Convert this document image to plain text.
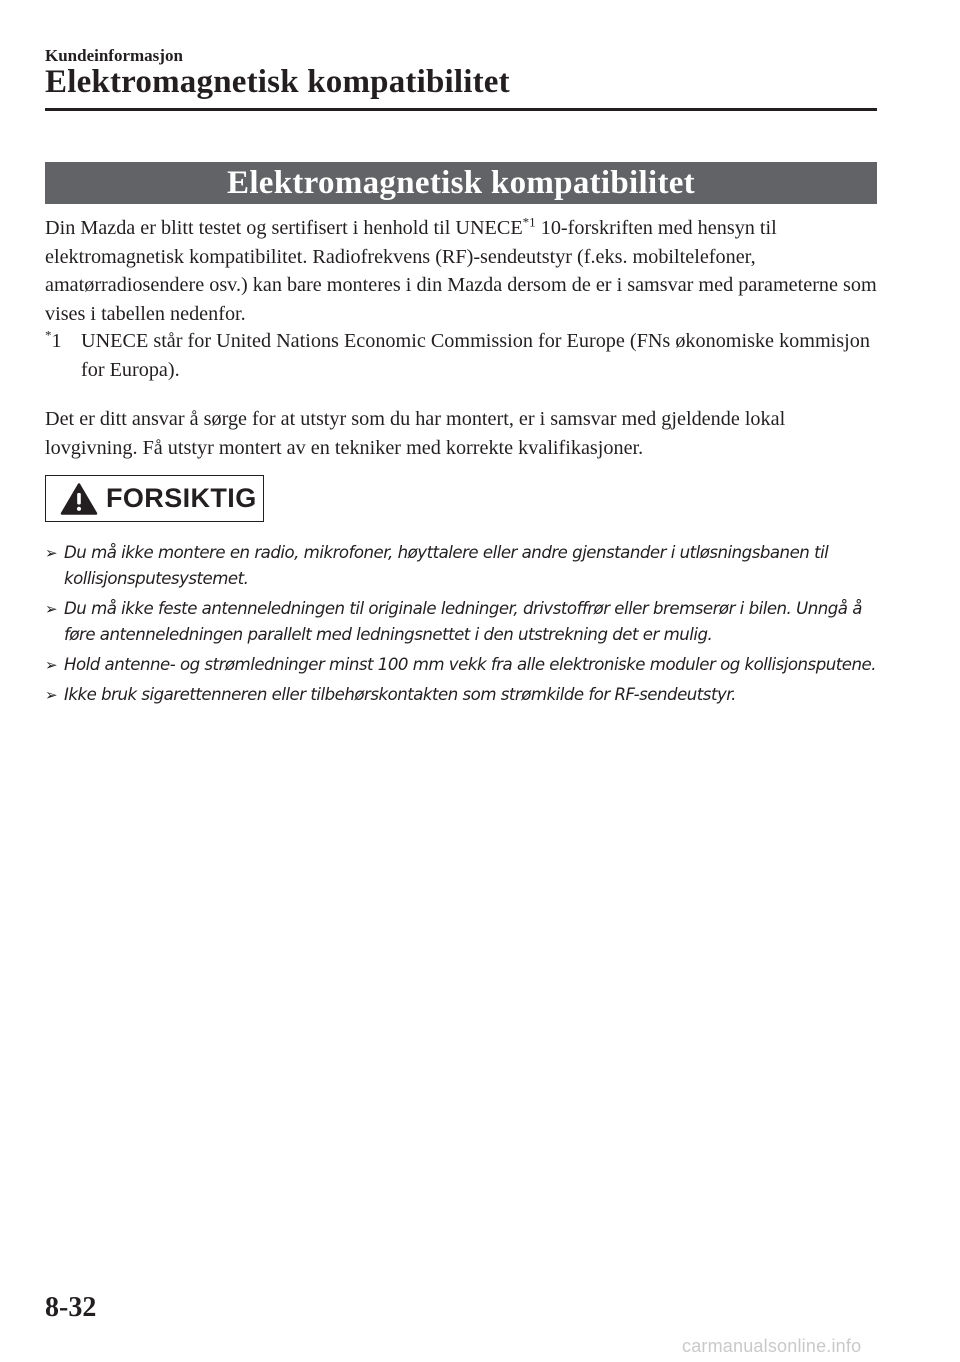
Kundeinformasjon
Elektromagnetisk kompatibilitet
Elektromagnetisk kompatibilitet
Din Mazda er blitt testet og sertifisert i henhold til UNECE$^{*1}$ 10-forskriften med hensyn til elektromagnetisk kompatibilitet. Radiofrekvens (RF)-sendeutstyr (f.eks. mobiltelefoner, amatørradiosendere osv.) kan bare monteres i din Mazda dersom de er i samsvar med parameterne som vises i tabellen nedenfor.
*1 UNECE står for United Nations Economic Commission for Europe (FNs økonomiske kommisjon for Europa).
Det er ditt ansvar å sørge for at utstyr som du har montert, er i samsvar med gjeldende lokal lovgivning. Få utstyr montert av en tekniker med korrekte kvalifikasjoner.
FORSIKTIG
➢ Du må ikke montere en radio, mikrofoner, høyttalere eller andre gjenstander i utløsningsbanen til kollisjonsputesystemet.
➢ Du må ikke feste antenneledningen til originale ledninger, drivstoffrør eller bremserør i bilen. Unngå å føre antenneledningen parallelt med ledningsnettet i den utstrekning det er mulig.
➢ Hold antenne- og strømledninger minst 100 mm vekk fra alle elektroniske moduler og kollisjonsputene.
➢ Ikke bruk sigarettenneren eller tilbehørskontakten som strømkilde for RF-sendeutstyr.
8-32
carmanualsonline.info
